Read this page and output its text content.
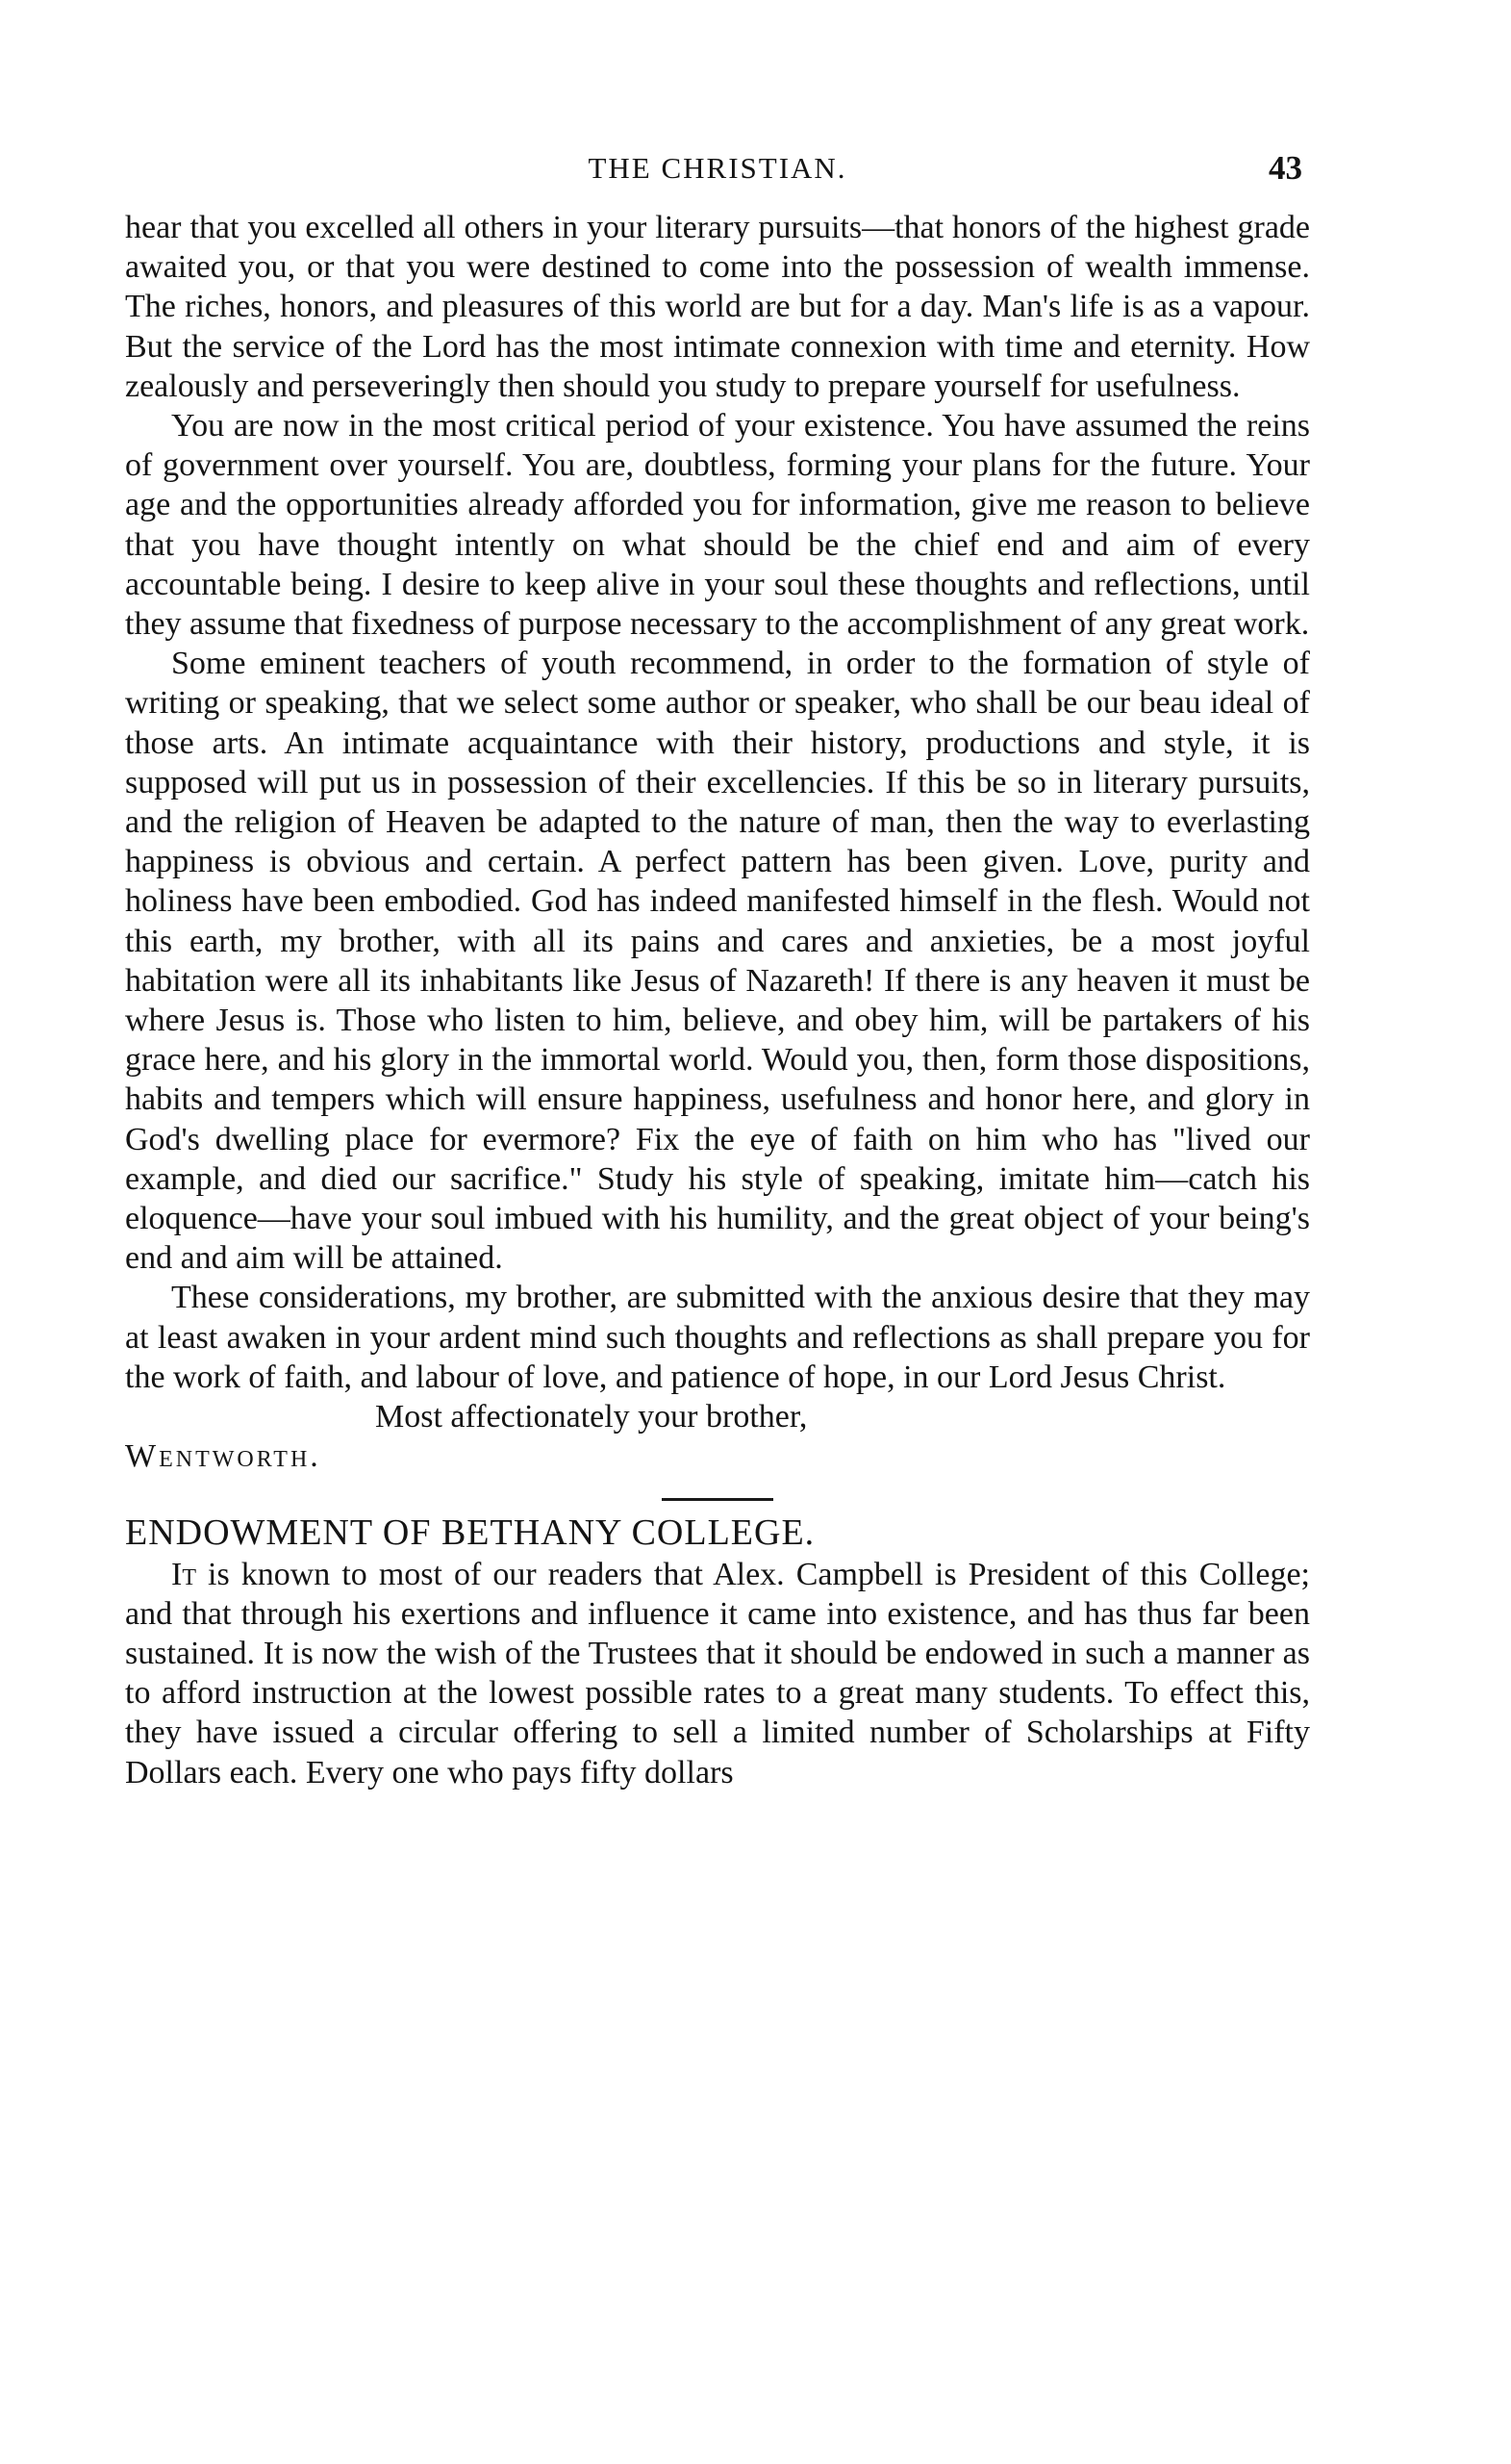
THE CHRISTIAN.	43

hear that you excelled all others in your literary pursuits—that honors of the highest grade awaited you, or that you were destined to come into the possession of wealth immense. The riches, honors, and pleasures of this world are but for a day. Man's life is as a vapour. But the service of the Lord has the most intimate connexion with time and eternity. How zealously and perseveringly then should you study to prepare yourself for usefulness.

You are now in the most critical period of your existence. You have assumed the reins of government over yourself. You are, doubtless, forming your plans for the future. Your age and the opportunities already afforded you for information, give me reason to believe that you have thought intently on what should be the chief end and aim of every accountable being. I desire to keep alive in your soul these thoughts and reflections, until they assume that fixedness of purpose necessary to the accomplishment of any great work.

Some eminent teachers of youth recommend, in order to the formation of style of writing or speaking, that we select some author or speaker, who shall be our beau ideal of those arts. An intimate acquaintance with their history, productions and style, it is supposed will put us in possession of their excellencies. If this be so in literary pursuits, and the religion of Heaven be adapted to the nature of man, then the way to everlasting happiness is obvious and certain. A perfect pattern has been given. Love, purity and holiness have been embodied. God has indeed manifested himself in the flesh. Would not this earth, my brother, with all its pains and cares and anxieties, be a most joyful habitation were all its inhabitants like Jesus of Nazareth! If there is any heaven it must be where Jesus is. Those who listen to him, believe, and obey him, will be partakers of his grace here, and his glory in the immortal world. Would you, then, form those dispositions, habits and tempers which will ensure happiness, usefulness and honor here, and glory in God's dwelling place for evermore? Fix the eye of faith on him who has "lived our example, and died our sacrifice." Study his style of speaking, imitate him—catch his eloquence—have your soul imbued with his humility, and the great object of your being's end and aim will be attained.

These considerations, my brother, are submitted with the anxious desire that they may at least awaken in your ardent mind such thoughts and reflections as shall prepare you for the work of faith, and labour of love, and patience of hope, in our Lord Jesus Christ.

Most affectionately your brother,

Wentworth.

ENDOWMENT OF BETHANY COLLEGE.

It is known to most of our readers that Alex. Campbell is President of this College; and that through his exertions and influence it came into existence, and has thus far been sustained. It is now the wish of the Trustees that it should be endowed in such a manner as to afford instruction at the lowest possible rates to a great many students. To effect this, they have issued a circular offering to sell a limited number of Scholarships at Fifty Dollars each. Every one who pays fifty dollars
